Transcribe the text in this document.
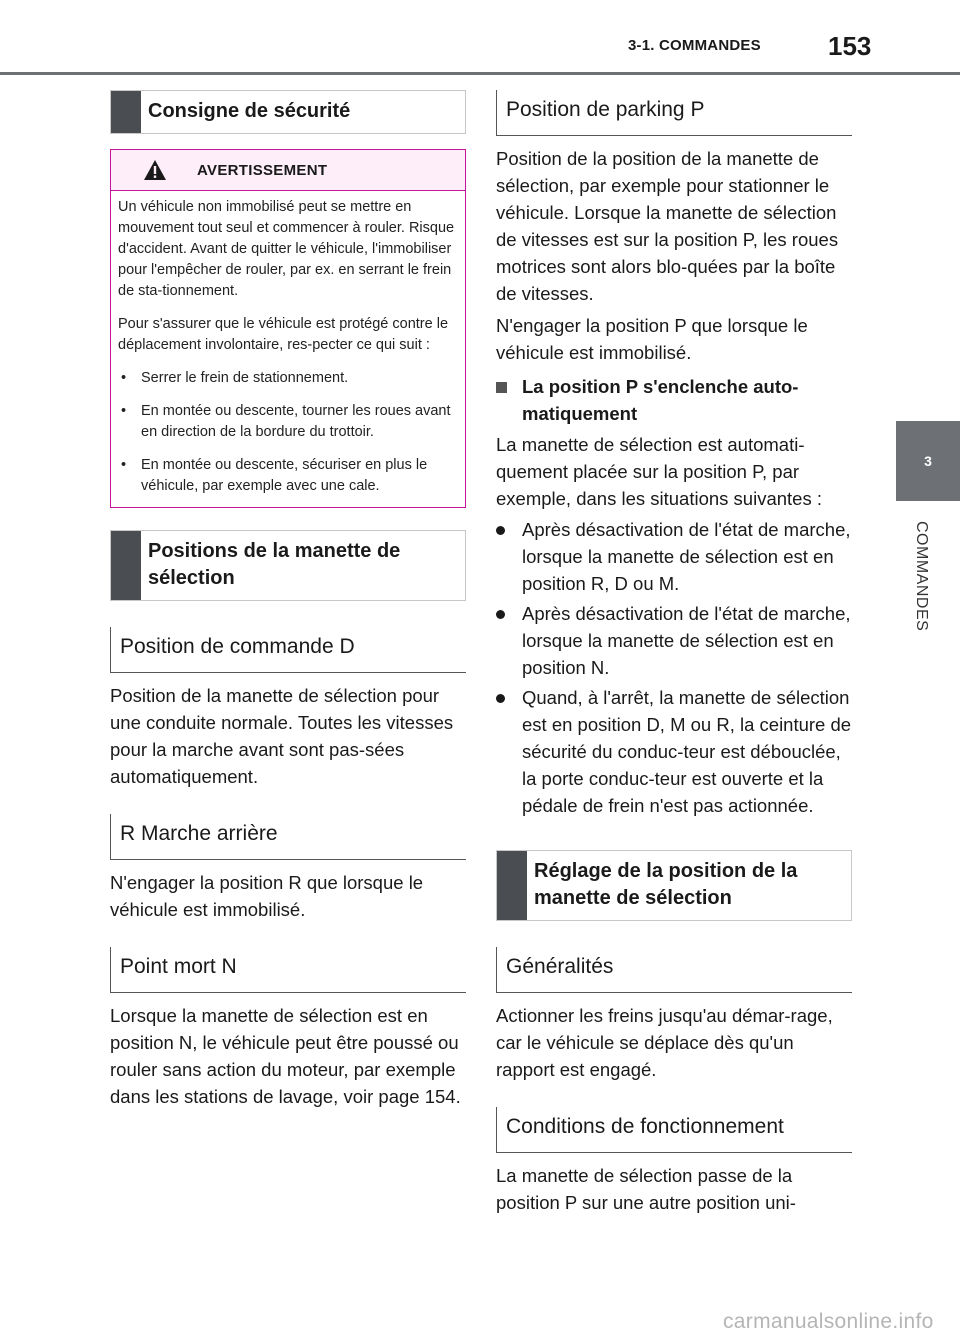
3-1. COMMANDES	153
3
COMMANDES
Consigne de sécurité
AVERTISSEMENT

Un véhicule non immobilisé peut se mettre en mouvement tout seul et commencer à rouler. Risque d'accident. Avant de quitter le véhicule, l'immobiliser pour l'empêcher de rouler, par ex. en serrant le frein de sta-tionnement.

Pour s'assurer que le véhicule est protégé contre le déplacement involontaire, res-pecter ce qui suit :

•	Serrer le frein de stationnement.
•	En montée ou descente, tourner les roues avant en direction de la bordure du trottoir.
•	En montée ou descente, sécuriser en plus le véhicule, par exemple avec une cale.
Positions de la manette de sélection
Position de commande D

Position de la manette de sélection pour une conduite normale. Toutes les vitesses pour la marche avant sont pas-sées automatiquement.

R Marche arrière

N'engager la position R que lorsque le véhicule est immobilisé.

Point mort N

Lorsque la manette de sélection est en position N, le véhicule peut être poussé ou rouler sans action du moteur, par exemple dans les stations de lavage, voir page 154.

Position de parking P

Position de la position de la manette de sélection, par exemple pour stationner le véhicule. Lorsque la manette de sélection de vitesses est sur la position P, les roues motrices sont alors blo-quées par la boîte de vitesses.

N'engager la position P que lorsque le véhicule est immobilisé.

La position P s'enclenche auto-matiquement

La manette de sélection est automati-quement placée sur la position P, par exemple, dans les situations suivantes :

Après désactivation de l'état de marche, lorsque la manette de sélection est en position R, D ou M.
Après désactivation de l'état de marche, lorsque la manette de sélection est en position N.
Quand, à l'arrêt, la manette de sélection est en position D, M ou R, la ceinture de sécurité du conduc-teur est débouclée, la porte conduc-teur est ouverte et la pédale de frein n'est pas actionnée.
Réglage de la position de la manette de sélection
Généralités

Actionner les freins jusqu'au démar-rage, car le véhicule se déplace dès qu'un rapport est engagé.

Conditions de fonctionnement

La manette de sélection passe de la position P sur une autre position uni-

carmanualsonline.info
